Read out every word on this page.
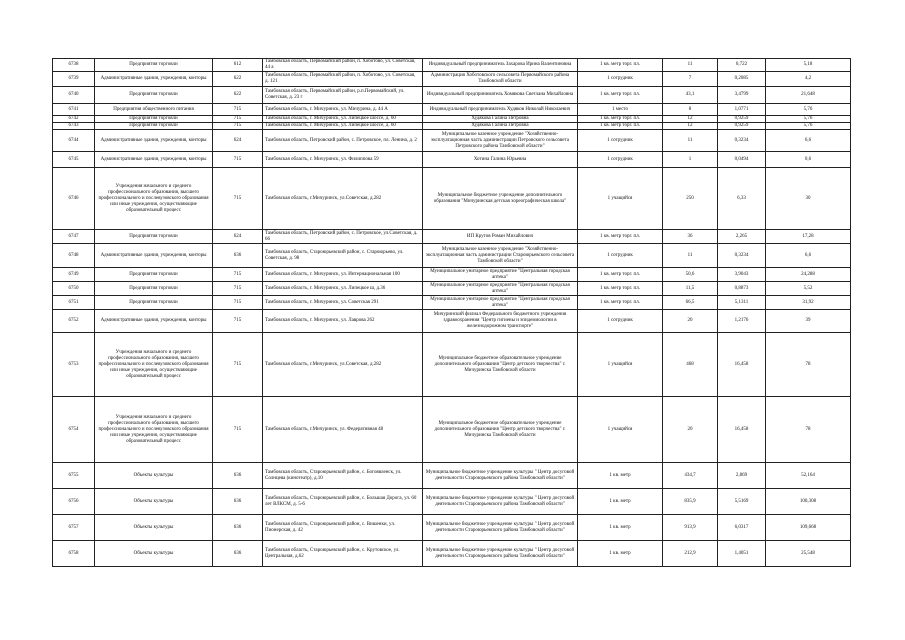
6738	Предприятия торговли	612	Тамбовская область, Первомайский район, п. Хоботово, ул. Советская, 44 а	Индивидуальный предприниматель Захарова Ирина Валентиновна	1 кв. метр торг. пл.	11	0,722	5,18
6739	Административные здания, учреждения, конторы	622	Тамбовская область, Первомайский район, п. Хоботово, ул. Советская, д. 121	Администрация Хоботовского сельсовета Первомайского района Тамбовской области	1 сотрудник	7	0,2085	4,2
6740	Предприятия торговли	622	Тамбовская область, Первомайский район, р.п.Первомайский, ул. Советская, д. 23 г	Индивидуальный предприниматель Хомякова Светлана Михайловна	1 кв. метр торг. пл.	43,1	3,4799	21,648
6741	Предприятия общественного питания	715	Тамбовская область, г. Мичуринск, ул. Мичурина, д. 44 А	Индивидуальный предприниматель Худяков Николай Николаевич	1 место	8	1,0771	5,76
6742	Предприятия торговли	715	Тамбовская область, г. Мичуринск, ул. Липецкое шоссе, д. 60	Худякова Галина Петровна	1 кв. метр торг. пл.	12	0,9259	5,76
6743	Предприятия торговли	715	Тамбовская область, г. Мичуринск, ул. Липецкое шоссе, д. 60	Худякова Галина Петровна	1 кв. метр торг. пл.	12	0,9259	5,76
6744	Административные здания, учреждения, конторы	624	Тамбовская область, Петровский район, с. Петровское, пл. Ленина, д. 2	Муниципальное казенное учреждение "Хозяйственно-эксплуатационная часть администрации Петровского сельсовета Петровского района Тамбовской области"	1 сотрудник	11	0,3234	6,6
6745	Административные здания, учреждения, конторы	715	Тамбовская область, г. Мичуринск, ул. Филиппова 59	Хотина Галина Юрьевна	1 сотрудник	1	0,0494	0,6
6746	Учреждения начального и среднего профессионального образования, высшего профессионального и послевузовского образования или иные учреждения, осуществляющие образовательный процесс	715	Тамбовская область, г.Мичуринск, ул.Советская, д.282	Муниципальное бюджетное учреждение дополнительного образования "Мичуринская детская хореографическая школа"	1 учащийся	250	6,33	30
6747	Предприятия торговли	624	Тамбовская область, Петровский район, с. Петровское, ул.Советская, д. 66	ИП Крутов Роман Михайлович	1 кв. метр торг. пл.	36	2,265	17,28
6748	Административные здания, учреждения, конторы	636	Тамбовская область, Староюрьевский район, с. Староюрьево, ул. Советская, д. 98	Муниципальное казенное учреждение "Хозяйственно-эксплуатационная часть администрации Староюрьевского сельсовета Тамбовской области"	1 сотрудник	11	0,3234	6,6
6749	Предприятия торговли	715	Тамбовская область, г. Мичуринск, ул. Интернациональная 100	Муниципальное унитарное предприятие "Центральная городская аптека"	1 кв. метр торг. пл.	50,6	3,9043	24,288
6750	Предприятия торговли	715	Тамбовская область, г. Мичуринск, ул. Липецкое ш, д.36	Муниципальное унитарное предприятие "Центральная городская аптека"	1 кв. метр торг. пл.	11,5	0,8873	5,52
6751	Предприятия торговли	715	Тамбовская область, г. Мичуринск, ул. Советская 291	Муниципальное унитарное предприятие "Центральная городская аптека"	1 кв. метр торг. пл.	66,5	5,1311	31,92
6752	Административные здания, учреждения, конторы	715	Тамбовская область, г. Мичуринск, ул. Лаврова 262	Мичуринский филиал Федерального бюджетного учреждения здравоохранения "Центр гигиены и эпидемиологии в железнодорожном транспорте"	1 сотрудник	20	1,2176	39
6753	Учреждения начального и среднего профессионального образования, высшего профессионального и послевузовского образования или иные учреждения, осуществляющие образовательный процесс	715	Тамбовская область, г.Мичуринск, ул.Советская, д.282	Муниципальное бюджетное образовательное учреждение дополнительного образования "Центр детского творчества" г. Мичуринска Тамбовской области	1 учащийся	468	16,458	78
6754	Учреждения начального и среднего профессионального образования, высшего профессионального и послевузовского образования или иные учреждения, осуществляющие образовательный процесс	715	Тамбовская область, г.Мичуринск, ул. Федеративная 48	Муниципальное бюджетное образовательное учреждение дополнительного образования "Центр детского творчества" г. Мичуринска Тамбовской области	1 учащийся	20	16,458	78
6755	Объекты культуры	636	Тамбовская область, Староюрьевский район, с. Богоявленск, ул. Солнцева (кинотеатр), д.10	Муниципальное бюджетное учреждение культуры " Центр досуговой деятельности Староюрьевского района Тамбовской области"	1 кв. метр	434,7	2,869	52,164
6756	Объекты культуры	636	Тамбовская область, Староюрьевский район, с. Большая Дорога, ул. 60 лет ВЛКСМ, д. 5-6	Муниципальное бюджетное учреждение культуры " Центр досуговой деятельности Староюрьевского района Тамбовской области"	1 кв. метр	835,9	5,5169	100,308
6757	Объекты культуры	636	Тамбовская область, Староюрьевский район, с. Вишенки, ул. Пионерская, д. 42	Муниципальное бюджетное учреждение культуры " Центр досуговой деятельности Староюрьевского района Тамбовской области"	1 кв. метр	913,9	6,0317	109,668
6758	Объекты культуры	636	Тамбовская область, Староюрьевский район, с. Крутовское, ул. Центральная, д.62	Муниципальное бюджетное учреждение культуры " Центр досуговой деятельности Староюрьевского района Тамбовской области"	1 кв. метр	212,9	1,4051	25,548
